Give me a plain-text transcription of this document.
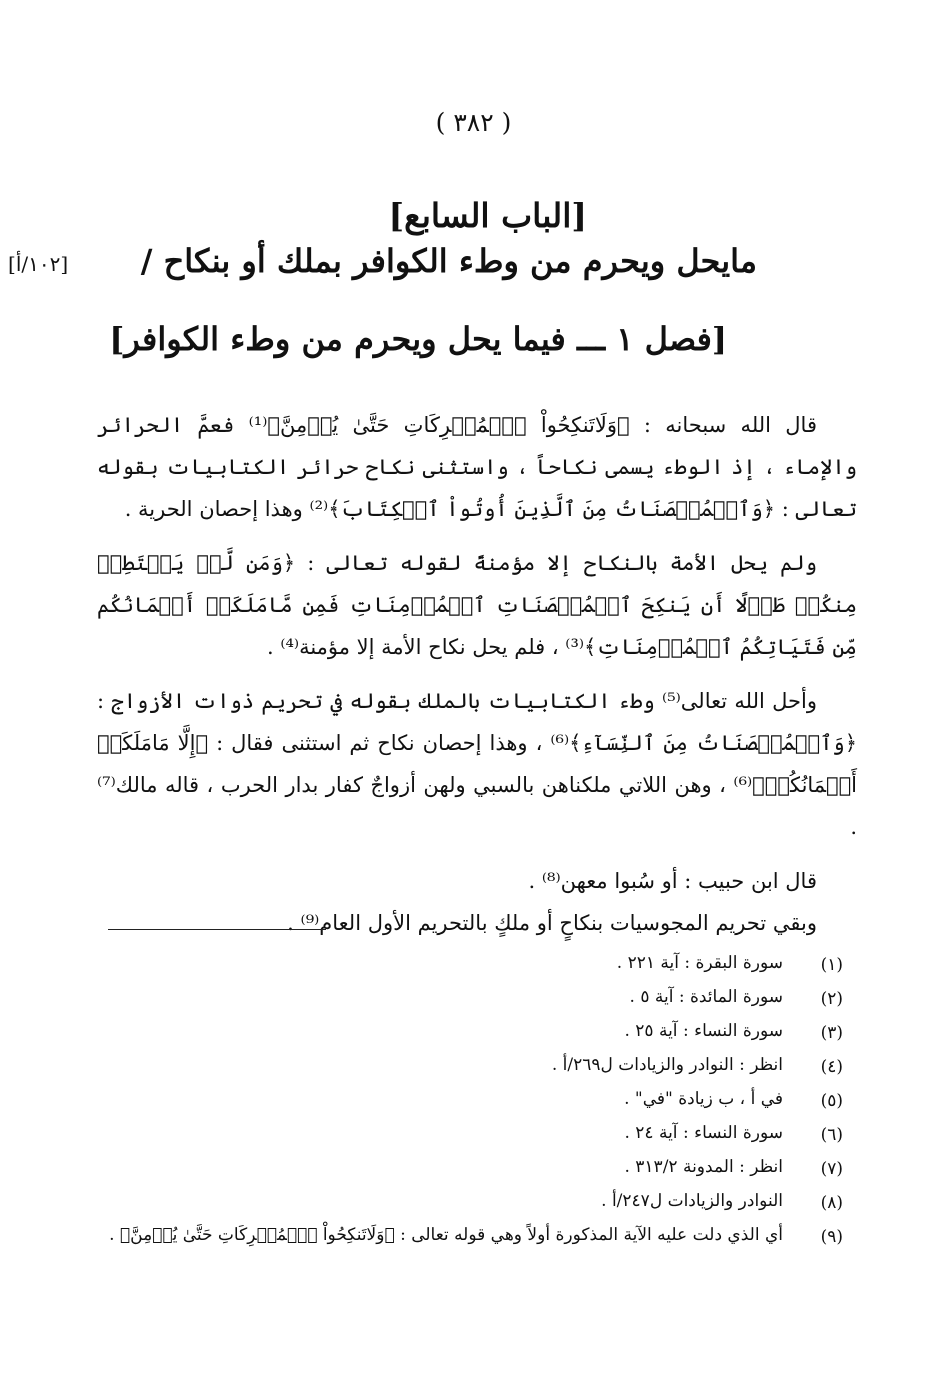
( ٣٨٢ )
[الباب السابع]
مايحل ويحرم من وطء الكوافر بملك أو بنكاح /
[١٠٢/أ]
[فصل ١ ـــ فيما يحل ويحرم من وطء الكوافر]

قال الله سبحانه : ﴿وَلَاتَنكِحُواْ ٱلۡمُشۡرِكَاتِ حَتَّىٰ يُؤۡمِنَّ﴾⁽¹⁾ فعمَّ الحرائر والإماء ، إذ الوطء يسمى نكاحاً ، واستثنى نكاح حرائر الكتابيات بقوله تعالى : ﴿وَٱلۡمُحۡصَنَاتُ مِنَ ٱلَّذِينَ أُوتُواْ ٱلۡكِتَابَ﴾⁽²⁾ وهذا إحصان الحرية .

ولم يحل الأمة بالنكاح إلا مؤمنةً لقوله تعالى : ﴿وَمَن لَّمۡ يَسۡتَطِعۡ مِنكُمۡ طَوۡلًا أَن يَنكِحَ ٱلۡمُحۡصَنَاتِ ٱلۡمُؤۡمِنَاتِ فَمِن مَّامَلَكَتۡ أَيۡمَانُكُم مِّن فَتَيَاتِكُمُ ٱلۡمُؤۡمِنَاتِ﴾⁽³⁾ ، فلم يحل نكاح الأمة إلا مؤمنة⁽⁴⁾ .

وأحل الله تعالى⁽⁵⁾ وطء الكتابيات بالملك بقوله في تحريم ذوات الأزواج : ﴿وَٱلۡمُحۡصَنَاتُ مِنَ ٱلنِّسَآءِ﴾⁽⁶⁾ ، وهذا إحصان نكاح ثم استثنى فقال : ﴿إِلَّا مَامَلَكَتۡ أَيۡمَانُكُمۡ﴾⁽⁶⁾ ، وهن اللاتي ملكناهن بالسبي ولهن أزواجٌ كفار بدار الحرب ، قاله مالك⁽⁷⁾ .

قال ابن حبيب : أو سُبوا معهن⁽⁸⁾ .

وبقي تحريم المجوسيات بنكاحٍ أو ملكٍ بالتحريم الأول العام⁽⁹⁾ .

(١)
سورة البقرة : آية ٢٢١ .
(٢)
سورة المائدة : آية ٥ .
(٣)
سورة النساء : آية ٢٥ .
(٤)
انظر : النوادر والزيادات ل٢٦٩/أ .
(٥)
في أ ، ب زيادة "في" .
(٦)
سورة النساء : آية ٢٤ .
(٧)
انظر : المدونة ٣١٣/٢ .
(٨)
النوادر والزيادات ل٢٤٧/أ .
(٩)
أي الذي دلت عليه الآية المذكورة أولاً وهي قوله تعالى : ﴿وَلَاتَنكِحُواْ ٱلۡمُشۡرِكَاتِ حَتَّىٰ يُؤۡمِنَّ﴾ .
